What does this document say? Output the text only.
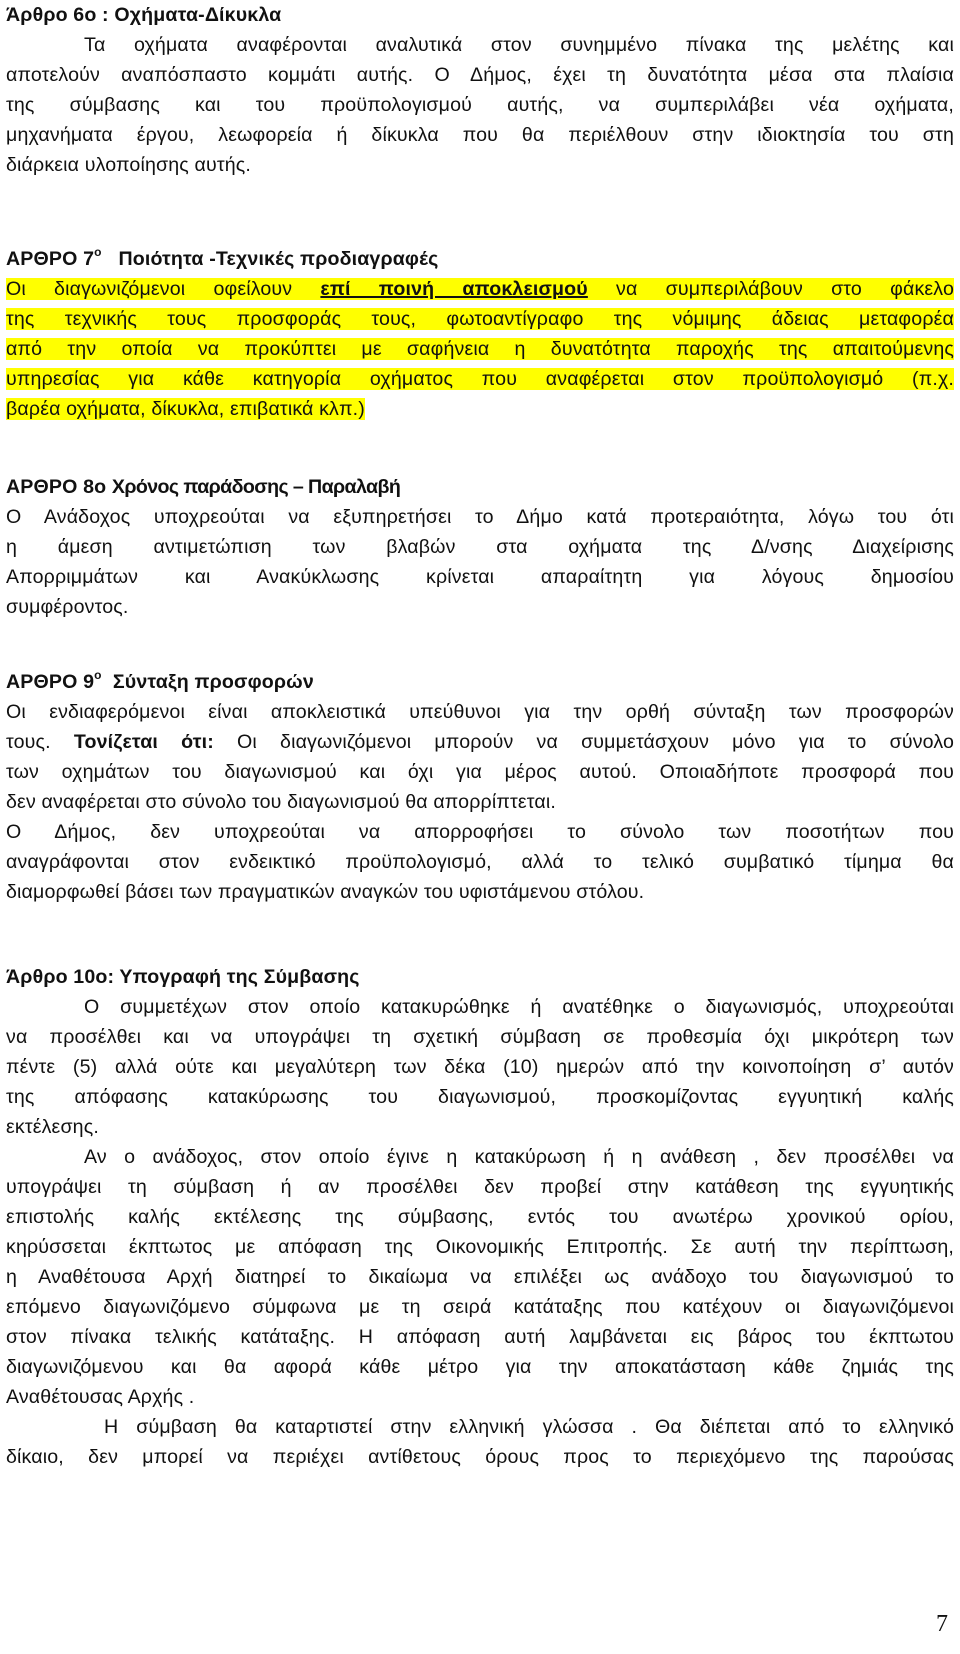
Άρθρο 6ο : Οχήματα-Δίκυκλα
Τα οχήματα αναφέρονται αναλυτικά στον συνημμένο πίνακα της μελέτης και
αποτελούν αναπόσπαστο κομμάτι αυτής. Ο Δήμος, έχει τη δυνατότητα μέσα στα πλαίσια
της σύμβασης και του προϋπολογισμού αυτής, να συμπεριλάβει νέα οχήματα,
μηχανήματα έργου, λεωφορεία ή δίκυκλα που θα περιέλθουν στην ιδιοκτησία του στη
διάρκεια υλοποίησης αυτής.
ΑΡΘΡΟ $7^o$ Ποιότητα -Τεχνικές προδιαγραφές
Οι διαγωνιζόμενοι οφείλουν επί ποινή αποκλεισμού να συμπεριλάβουν στο φάκελο
της τεχνικής τους προσφοράς τους, φωτοαντίγραφο της νόμιμης άδειας μεταφορέα
από την οποία να προκύπτει με σαφήνεια η δυνατότητα παροχής της απαιτούμενης
υπηρεσίας για κάθε κατηγορία οχήματος που αναφέρεται στον προϋπολογισμό (π.χ.
βαρέα οχήματα, δίκυκλα, επιβατικά κλπ.)
ΑΡΘΡΟ 8ο Χρόνος παράδοσης – Παραλαβή
Ο Ανάδοχος υποχρεούται να εξυπηρετήσει το Δήμο κατά προτεραιότητα, λόγω του ότι
η άμεση αντιμετώπιση των βλαβών στα οχήματα της Δ/νσης Διαχείρισης
Απορριμμάτων και Ανακύκλωσης κρίνεται απαραίτητη για λόγους δημοσίου
συμφέροντος.
ΑΡΘΡΟ $9^o$ Σύνταξη προσφορών
Οι ενδιαφερόμενοι είναι αποκλειστικά υπεύθυνοι για την ορθή σύνταξη των προσφορών
τους. Τονίζεται ότι: Οι διαγωνιζόμενοι μπορούν να συμμετάσχουν μόνο για το σύνολο
των οχημάτων του διαγωνισμού και όχι για μέρος αυτού. Οποιαδήποτε προσφορά που
δεν αναφέρεται στο σύνολο του διαγωνισμού θα απορρίπτεται.
Ο Δήμος, δεν υποχρεούται να απορροφήσει το σύνολο των ποσοτήτων που
αναγράφονται στον ενδεικτικό προϋπολογισμό, αλλά το τελικό συμβατικό τίμημα θα
διαμορφωθεί βάσει των πραγματικών αναγκών του υφιστάμενου στόλου.
Άρθρο 10ο: Υπογραφή της Σύμβασης
Ο συμμετέχων στον οποίο κατακυρώθηκε ή ανατέθηκε ο διαγωνισμός, υποχρεούται
να προσέλθει και να υπογράψει τη σχετική σύμβαση σε προθεσμία όχι μικρότερη των
πέντε (5) αλλά ούτε και μεγαλύτερη των δέκα (10) ημερών από την κοινοποίηση σ’ αυτόν
της απόφασης κατακύρωσης του διαγωνισμού, προσκομίζοντας εγγυητική καλής
εκτέλεσης.
Αν ο ανάδοχος, στον οποίο έγινε η κατακύρωση ή η ανάθεση , δεν προσέλθει να
υπογράψει τη σύμβαση ή αν προσέλθει δεν προβεί στην κατάθεση της εγγυητικής
επιστολής καλής εκτέλεσης της σύμβασης, εντός του ανωτέρω χρονικού ορίου,
κηρύσσεται έκπτωτος με απόφαση της Οικονομικής Επιτροπής. Σε αυτή την περίπτωση,
η Αναθέτουσα Αρχή διατηρεί το δικαίωμα να επιλέξει ως ανάδοχο του διαγωνισμού το
επόμενο διαγωνιζόμενο σύμφωνα με τη σειρά κατάταξης που κατέχουν οι διαγωνιζόμενοι
στον πίνακα τελικής κατάταξης. Η απόφαση αυτή λαμβάνεται εις βάρος του έκπτωτου
διαγωνιζόμενου και θα αφορά κάθε μέτρο για την αποκατάσταση κάθε ζημιάς της
Αναθέτουσας Αρχής .
Η σύμβαση θα καταρτιστεί στην ελληνική γλώσσα . Θα διέπεται από το ελληνικό
δίκαιο, δεν μπορεί να περιέχει αντίθετους όρους προς το περιεχόμενο της παρούσας
7
